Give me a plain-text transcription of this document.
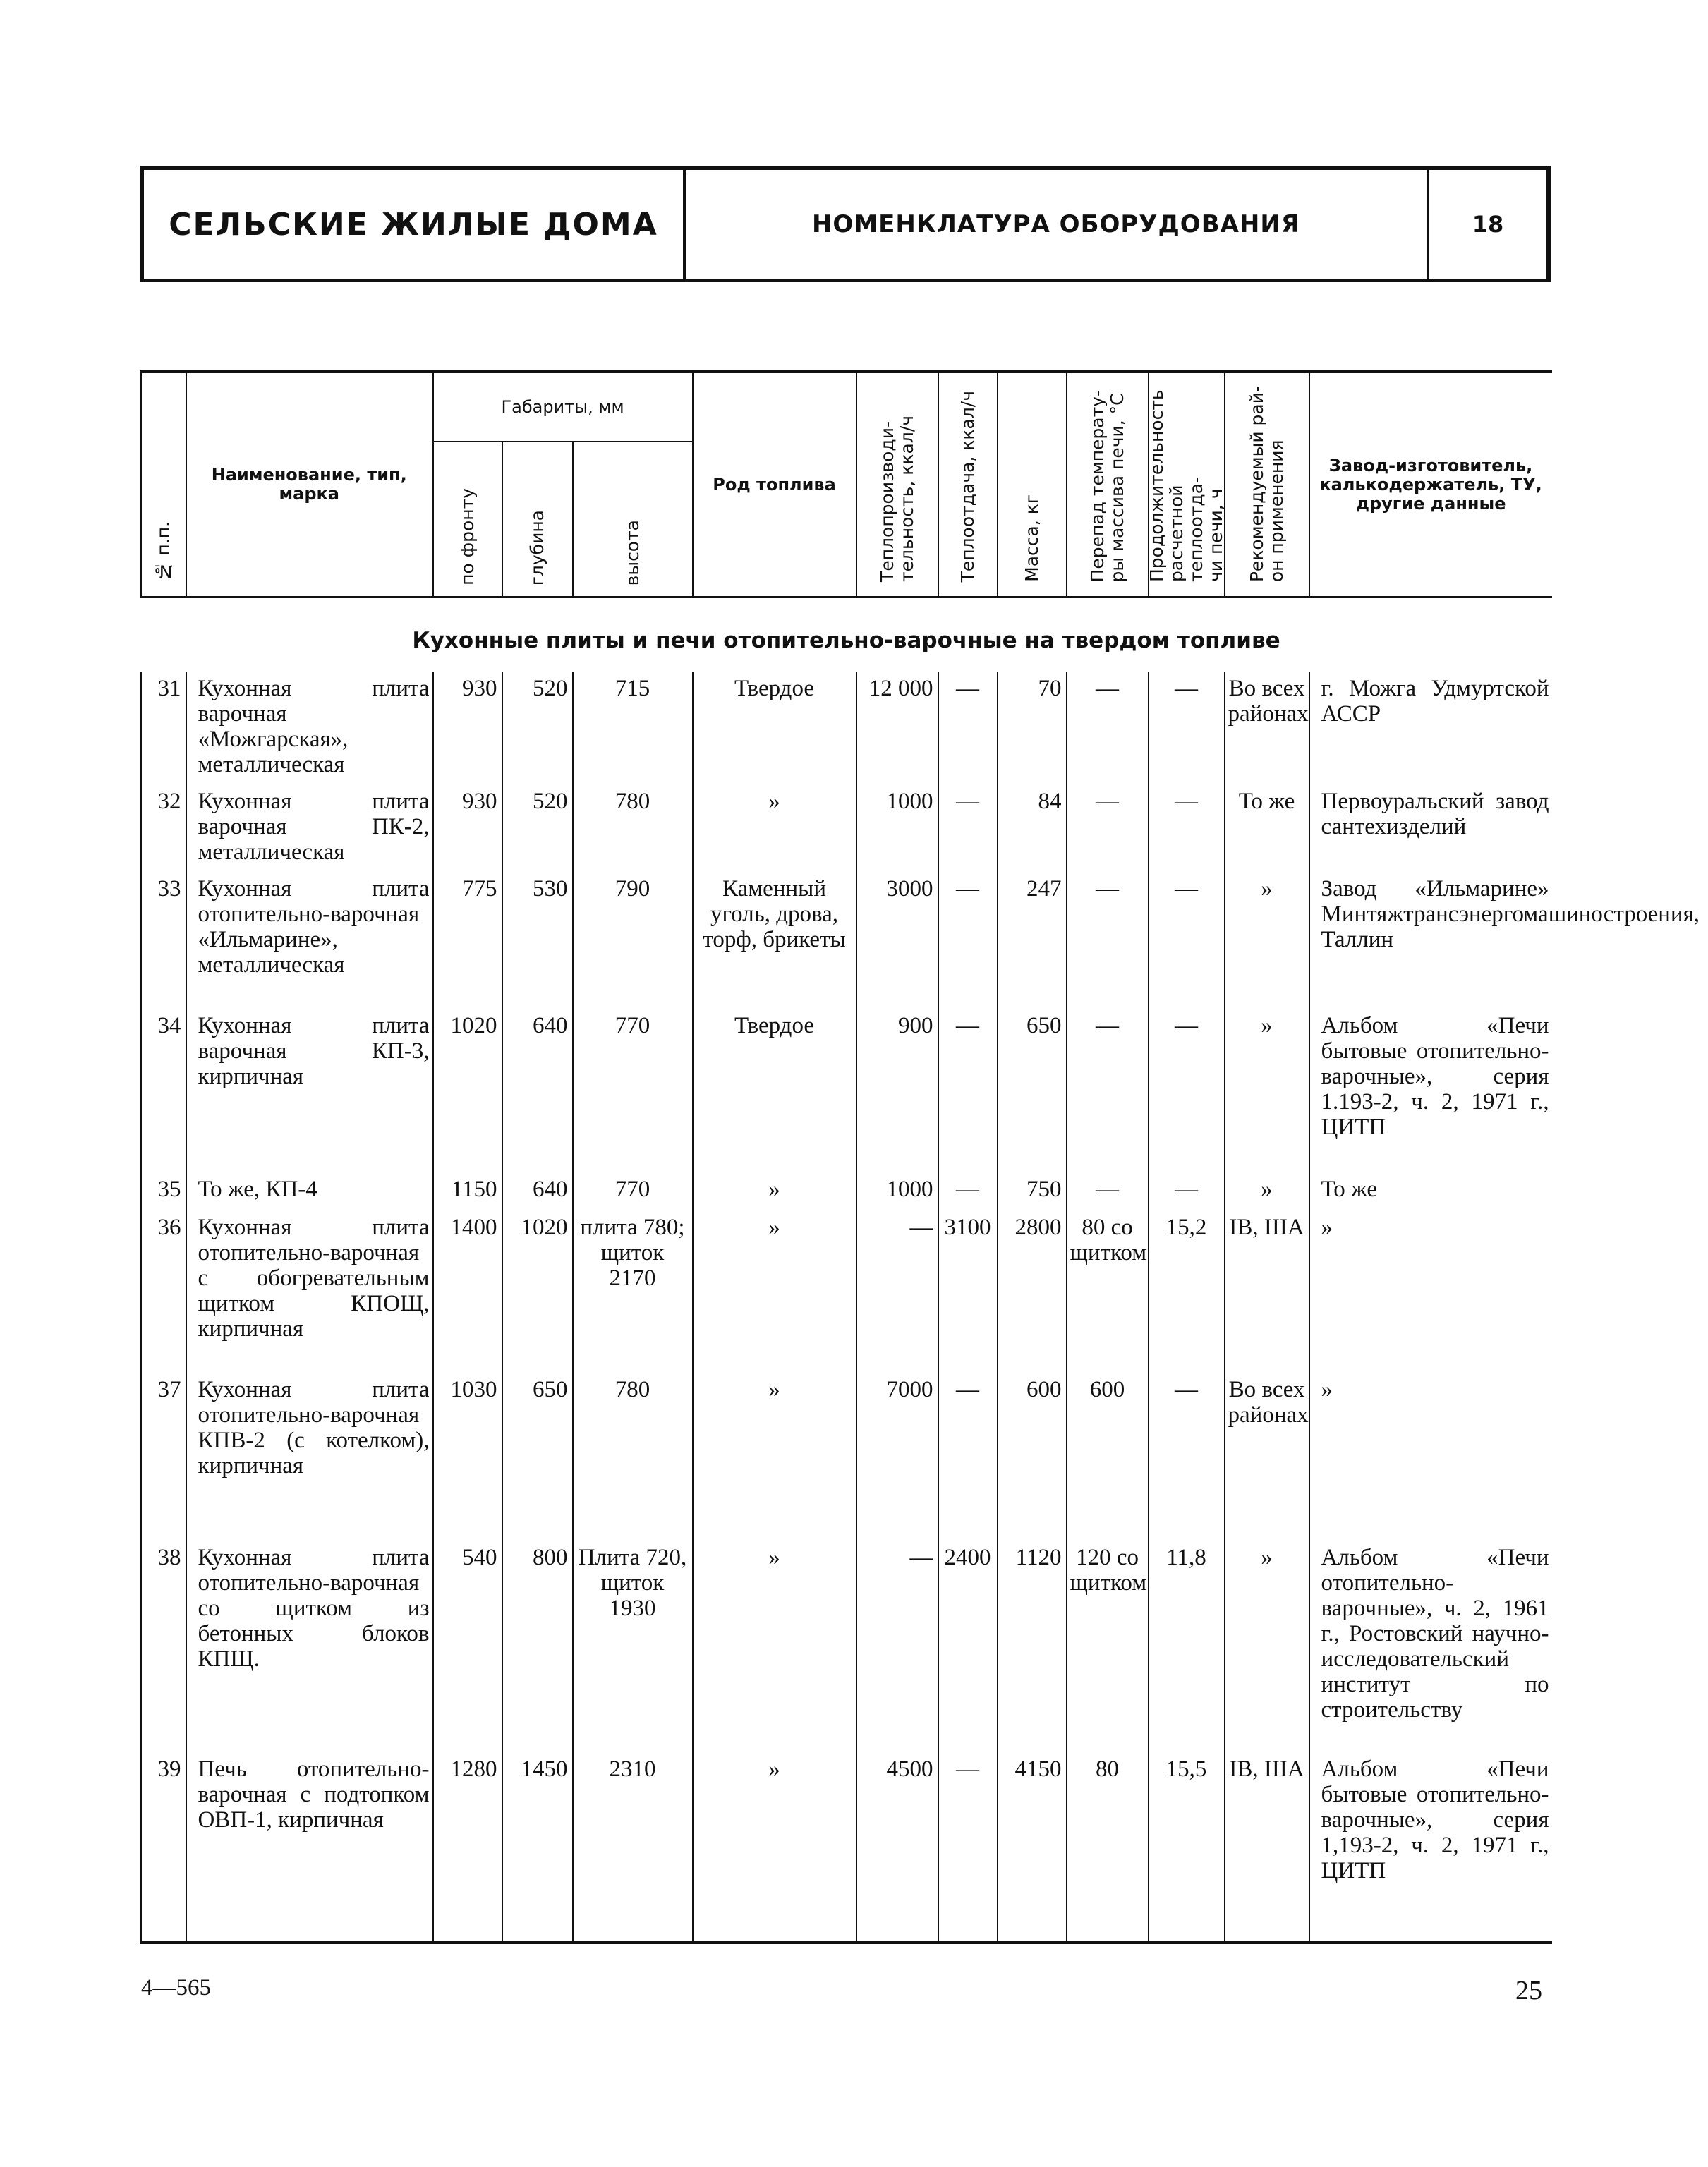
СЕЛЬСКИЕ ЖИЛЫЕ ДОМА	НОМЕНКЛАТУРА ОБОРУДОВАНИЯ	18
№ п.п.	Наименование, тип, марка	Габариты, мм			Род топлива	Теплопроизводи-
тельность, ккал/ч	Теплоотдача, ккал/ч	Масса, кг	Перепад температу-
ры массива печи, °С	Продолжительность
расчетной теплоотда-
чи печи, ч	Рекомендуемый рай-
он применения	Завод-изготовитель, калькодержатель, ТУ, другие данные

		по фронту	глубина	высота								

Кухонные плиты и печи отопительно-варочные на твердом топливе												
31	Кухонная плита варочная «Можгарская», металлическая	930	520	715	Твердое	12 000	—	70	—	—	Во всех районах	г. Можга Удмуртской АССР
32	Кухонная плита варочная ПК-2, металлическая	930	520	780	»	1000	—	84	—	—	То же	Первоуральский завод сантехизделий
33	Кухонная плита отопительно-варочная «Ильмарине», металлическая	775	530	790	Каменный уголь, дрова, торф, брикеты	3000	—	247	—	—	»	Завод «Ильмарине» Минтяжтрансэнергомашиностроения, Таллин
34	Кухонная плита варочная КП-3, кирпичная	1020	640	770	Твердое	900	—	650	—	—	»	Альбом «Печи бытовые отопительно-варочные», серия 1.193-2, ч. 2, 1971 г., ЦИТП
35	То же, КП-4	1150	640	770	»	1000	—	750	—	—	»	То же
36	Кухонная плита отопительно-варочная с обогревательным щитком КПОЩ, кирпичная	1400	1020	плита 780; щиток 2170	»	—	3100	2800	80 со щитком	15,2	IB, IIIA	»
37	Кухонная плита отопительно-варочная КПВ-2 (с котелком), кирпичная	1030	650	780	»	7000	—	600	600	—	Во всех районах	»
38	Кухонная плита отопительно-варочная со щитком из бетонных блоков КПЩ.	540	800	Плита 720, щиток 1930	»	—	2400	1120	120 со щитком	11,8	»	Альбом «Печи отопительно-варочные», ч. 2, 1961 г., Ростовский научно-исследовательский институт по строительству
39	Печь отопительно-варочная с подтопком ОВП-1, кирпичная	1280	1450	2310	»	4500	—	4150	80	15,5	IB, IIIA	Альбом «Печи бытовые отопительно-варочные», серия 1,193-2, ч. 2, 1971 г., ЦИТП
4—565	25
